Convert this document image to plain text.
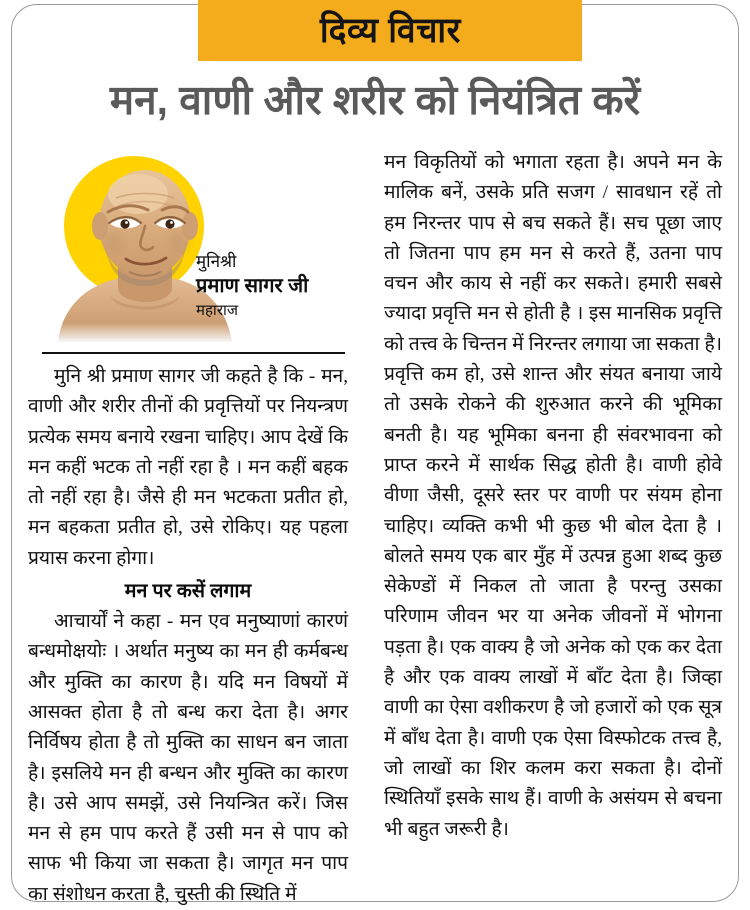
दिव्य विचार
मन, वाणी और शरीर को नियंत्रित करें
मुनिश्री
प्रमाण सागर जी
महाराज

मुनि श्री प्रमाण सागर जी कहते है कि - मन, वाणी और शरीर तीनों की प्रवृत्तियों पर नियन्त्रण प्रत्येक समय बनाये रखना चाहिए। आप देखें कि मन कहीं भटक तो नहीं रहा है । मन कहीं बहक तो नहीं रहा है। जैसे ही मन भटकता प्रतीत हो, मन बहकता प्रतीत हो, उसे रोकिए। यह पहला प्रयास करना होगा।

मन पर कसें लगाम

आचार्यों ने कहा - मन एव मनुष्याणां कारणं बन्धमोक्षयोः । अर्थात मनुष्य का मन ही कर्मबन्ध और मुक्ति का कारण है। यदि मन विषयों में आसक्त होता है तो बन्ध करा देता है। अगर निर्विषय होता है तो मुक्ति का साधन बन जाता है। इसलिये मन ही बन्धन और मुक्ति का कारण है। उसे आप समझें, उसे नियन्त्रित करें। जिस मन से हम पाप करते हैं उसी मन से पाप को साफ भी किया जा सकता है। जागृत मन पाप का संशोधन करता है, चुस्ती की स्थिति में

मन विकृतियों को भगाता रहता है। अपने मन के मालिक बनें, उसके प्रति सजग / सावधान रहें तो हम निरन्तर पाप से बच सकते हैं। सच पूछा जाए तो जितना पाप हम मन से करते हैं, उतना पाप वचन और काय से नहीं कर सकते। हमारी सबसे ज्यादा प्रवृत्ति मन से होती है । इस मानसिक प्रवृत्ति को तत्त्व के चिन्तन में निरन्तर लगाया जा सकता है। प्रवृत्ति कम हो, उसे शान्त और संयत बनाया जाये तो उसके रोकने की शुरुआत करने की भूमिका बनती है। यह भूमिका बनना ही संवरभावना को प्राप्त करने में सार्थक सिद्ध होती है। वाणी होवे वीणा जैसी, दूसरे स्तर पर वाणी पर संयम होना चाहिए। व्यक्ति कभी भी कुछ भी बोल देता है । बोलते समय एक बार मुँह में उत्पन्न हुआ शब्द कुछ सेकेण्डों में निकल तो जाता है परन्तु उसका परिणाम जीवन भर या अनेक जीवनों में भोगना पड़ता है। एक वाक्य है जो अनेक को एक कर देता है और एक वाक्य लाखों में बाँट देता है। जिव्हा वाणी का ऐसा वशीकरण है जो हजारों को एक सूत्र में बाँध देता है। वाणी एक ऐसा विस्फोटक तत्त्व है, जो लाखों का शिर कलम करा सकता है। दोनों स्थितियाँ इसके साथ हैं। वाणी के असंयम से बचना भी बहुत जरूरी है।
